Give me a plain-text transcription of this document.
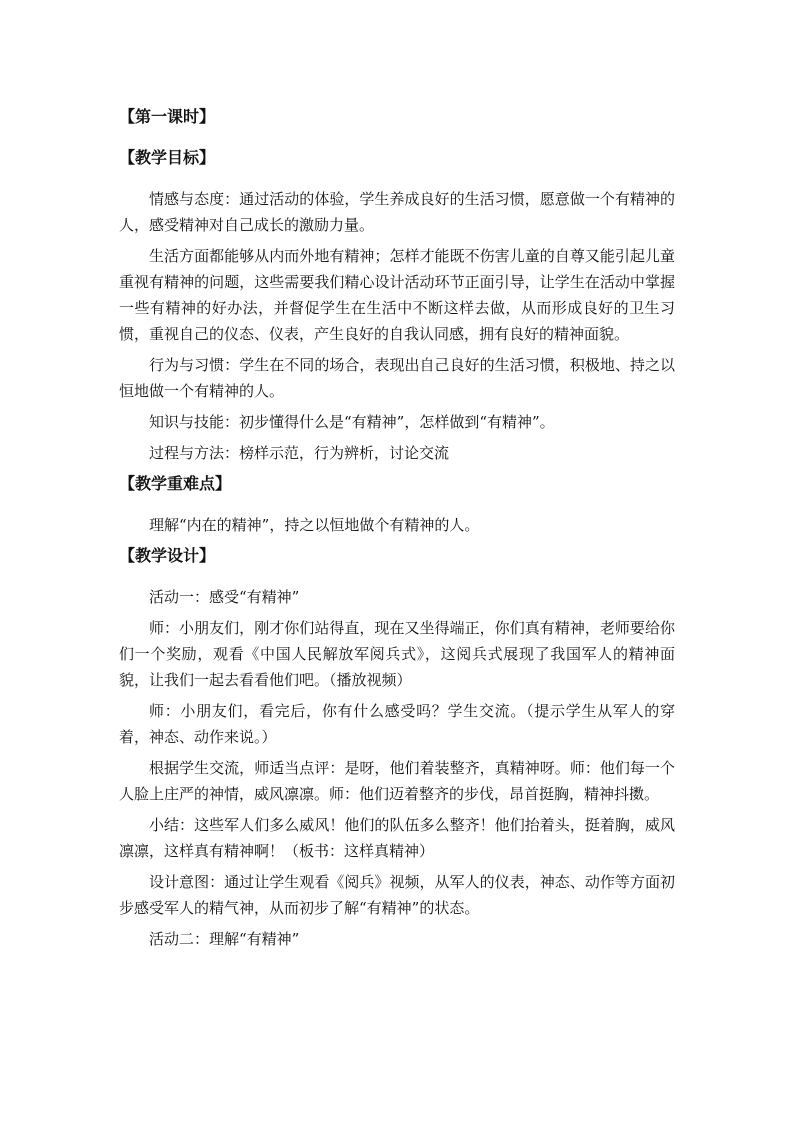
【第一课时】
【教学目标】

情感与态度：通过活动的体验，学生养成良好的生活习惯，愿意做一个有精神的人，感受精神对自己成长的激励力量。

生活方面都能够从内而外地有精神；怎样才能既不伤害儿童的自尊又能引起儿童重视有精神的问题，这些需要我们精心设计活动环节正面引导，让学生在活动中掌握一些有精神的好办法，并督促学生在生活中不断这样去做，从而形成良好的卫生习惯，重视自己的仪态、仪表，产生良好的自我认同感，拥有良好的精神面貌。

行为与习惯：学生在不同的场合，表现出自己良好的生活习惯，积极地、持之以恒地做一个有精神的人。

知识与技能：初步懂得什么是“有精神”，怎样做到“有精神”。

过程与方法：榜样示范，行为辨析，讨论交流

【教学重难点】

理解“内在的精神”，持之以恒地做个有精神的人。

【教学设计】

活动一：感受“有精神”

师：小朋友们，刚才你们站得直，现在又坐得端正，你们真有精神，老师要给你们一个奖励，观看《中国人民解放军阅兵式》，这阅兵式展现了我国军人的精神面貌，让我们一起去看看他们吧。（播放视频）

师：小朋友们，看完后，你有什么感受吗？学生交流。（提示学生从军人的穿着，神态、动作来说。）

根据学生交流，师适当点评：是呀，他们着装整齐，真精神呀。师：他们每一个人脸上庄严的神情，威风凛凛。师：他们迈着整齐的步伐，昂首挺胸，精神抖擞。

小结：这些军人们多么威风！他们的队伍多么整齐！他们抬着头，挺着胸，威风凛凛，这样真有精神啊！（板书：这样真精神）

设计意图：通过让学生观看《阅兵》视频，从军人的仪表，神态、动作等方面初步感受军人的精气神，从而初步了解“有精神”的状态。

活动二：理解“有精神”
